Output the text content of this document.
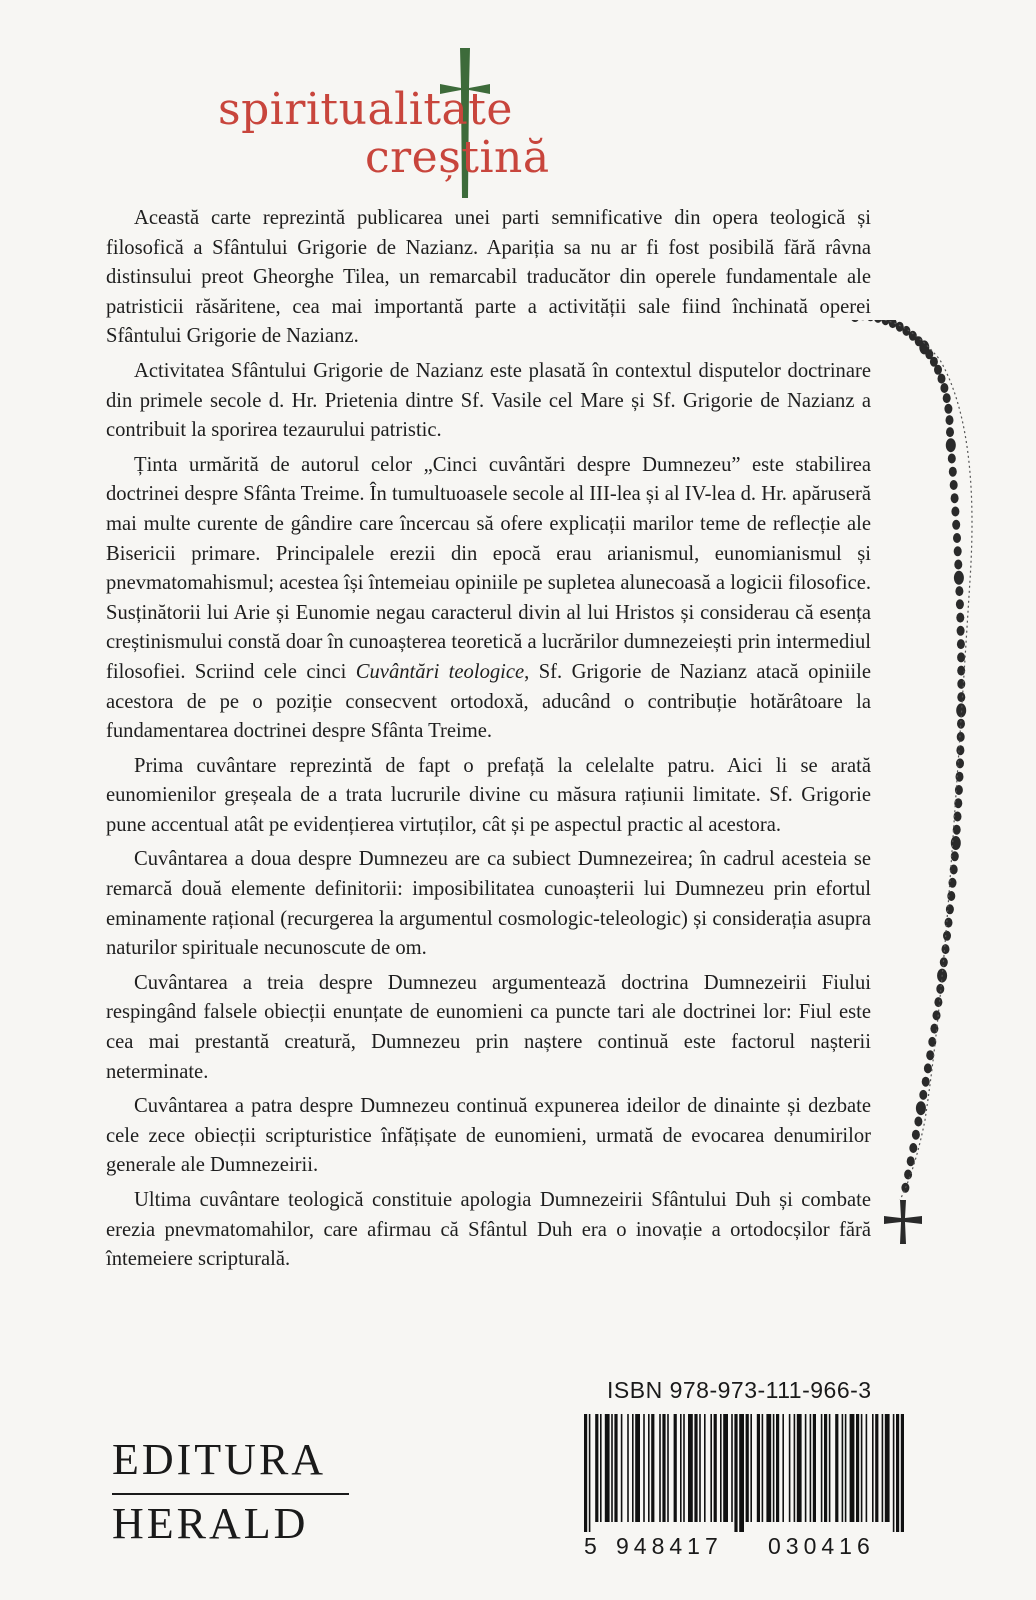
spiritualitate
creștină

Această carte reprezintă publicarea unei parti semnificative din opera teologică și filosofică a Sfântului Grigorie de Nazianz. Apariția sa nu ar fi fost posibilă fără râvna distinsului preot Gheorghe Tilea, un remarcabil traducător din operele fundamentale ale patristicii răsăritene, cea mai importantă parte a activității sale fiind închinată operei Sfântului Grigorie de Nazianz.

Activitatea Sfântului Grigorie de Nazianz este plasată în contextul disputelor doctrinare din primele secole d. Hr. Prietenia dintre Sf. Vasile cel Mare și Sf. Grigorie de Nazianz a contribuit la sporirea tezaurului patristic.

Ținta urmărită de autorul celor „Cinci cuvântări despre Dumnezeu” este stabilirea doctrinei despre Sfânta Treime. În tumultuoasele secole al III-lea și al IV-lea d. Hr. apăruseră mai multe curente de gândire care încercau să ofere explicații marilor teme de reflecție ale Bisericii primare. Principalele erezii din epocă erau arianismul, eunomianismul și pnevmatomahismul; acestea își întemeiau opiniile pe supletea alunecoasă a logicii filosofice. Susținătorii lui Arie și Eunomie negau caracterul divin al lui Hristos și considerau că esența creștinismului constă doar în cunoașterea teoretică a lucrărilor dumnezeiești prin intermediul filosofiei. Scriind cele cinci Cuvântări teologice, Sf. Grigorie de Nazianz atacă opiniile acestora de pe o poziție consecvent ortodoxă, aducând o contribuție hotărâtoare la fundamentarea doctrinei despre Sfânta Treime.

Prima cuvântare reprezintă de fapt o prefață la celelalte patru. Aici li se arată eunomienilor greșeala de a trata lucrurile divine cu măsura rațiunii limitate. Sf. Grigorie pune accentual atât pe evidențierea virtuților, cât și pe aspectul practic al acestora.

Cuvântarea a doua despre Dumnezeu are ca subiect Dumnezeirea; în cadrul acesteia se remarcă două elemente definitorii: imposibilitatea cunoașterii lui Dumnezeu prin efortul eminamente rațional (recurgerea la argumentul cosmologic-teleologic) și considerația asupra naturilor spirituale necunoscute de om.

Cuvântarea a treia despre Dumnezeu argumentează doctrina Dumnezeirii Fiului respingând falsele obiecții enunțate de eunomieni ca puncte tari ale doctrinei lor: Fiul este cea mai prestantă creatură, Dumnezeu prin naștere continuă este factorul nașterii neterminate.

Cuvântarea a patra despre Dumnezeu continuă expunerea ideilor de dinainte și dezbate cele zece obiecții scripturistice înfățișate de eunomieni, urmată de evocarea denumirilor generale ale Dumnezeirii.

Ultima cuvântare teologică constituie apologia Dumnezeirii Sfântului Duh și combate erezia pnevmatomahilor, care afirmau că Sfântul Duh era o inovație a ortodocșilor fără întemeiere scripturală.

EDITURA
HERALD
ISBN 978-973-111-966-3
5 948417 030416
